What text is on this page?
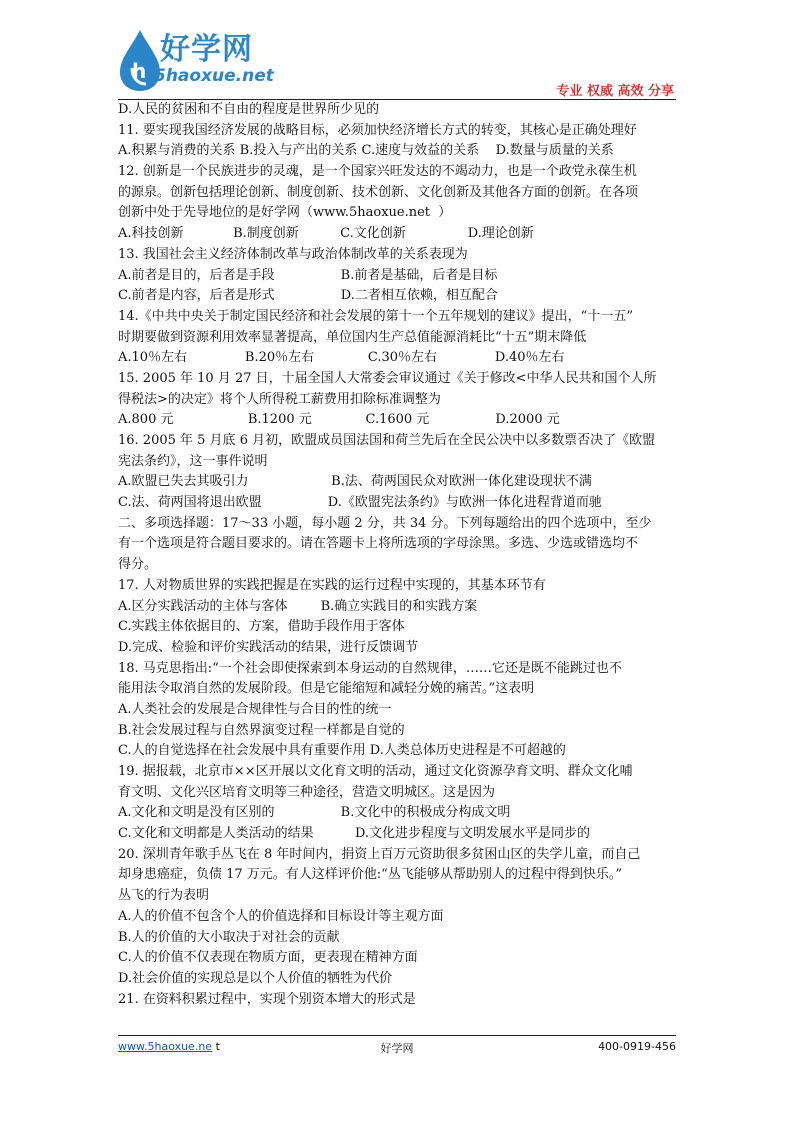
h
好学网
5haoxue.net
专业 权威 高效 分享
D.人民的贫困和不自由的程度是世界所少见的
11. 要实现我国经济发展的战略目标，必须加快经济增长方式的转变，其核心是正确处理好
A.积累与消费的关系 B.投入与产出的关系 C.速度与效益的关系    D.数量与质量的关系
12. 创新是一个民族进步的灵魂，是一个国家兴旺发达的不竭动力，也是一个政党永葆生机
的源泉。创新包括理论创新、制度创新、技术创新、文化创新及其他各方面的创新。在各项
创新中处于先导地位的是好学网（www.5haoxue.net  ）
A.科技创新            B.制度创新          C.文化创新               D.理论创新
13. 我国社会主义经济体制改革与政治体制改革的关系表现为
A.前者是目的，后者是手段                B.前者是基础，后者是目标
C.前者是内容，后者是形式                D.二者相互依赖，相互配合
14.《中共中央关于制定国民经济和社会发展的第十一个五年规划的建议》提出，“十一五”
时期要做到资源利用效率显著提高，单位国内生产总值能源消耗比“十五”期末降低
A.10％左右              B.20％左右             C.30％左右              D.40％左右
15. 2005 年 10 月 27 日，十届全国人大常委会审议通过《关于修改<中华人民共和国个人所
得税法>的决定》将个人所得税工薪费用扣除标准调整为
A.800 元                  B.1200 元             C.1600 元                D.2000 元
16. 2005 年 5 月底 6 月初，欧盟成员国法国和荷兰先后在全民公决中以多数票否决了《欧盟
宪法条约》，这一事件说明
A.欧盟已失去其吸引力                    B.法、荷两国民众对欧洲一体化建设现状不满
C.法、荷两国将退出欧盟                D.《欧盟宪法条约》与欧洲一体化进程背道而驰
二、多项选择题：17～33 小题，每小题 2 分，共 34 分。下列每题给出的四个选项中，至少
有一个选项是符合题目要求的。请在答题卡上将所选项的字母涂黑。多选、少选或错选均不
得分。
17. 人对物质世界的实践把握是在实践的运行过程中实现的，其基本环节有
A.区分实践活动的主体与客体        B.确立实践目的和实践方案
C.实践主体依据目的、方案，借助手段作用于客体
D.完成、检验和评价实践活动的结果，进行反馈调节
18. 马克思指出:“一个社会即使探索到本身运动的自然规律，……它还是既不能跳过也不
能用法令取消自然的发展阶段。但是它能缩短和减轻分娩的痛苦。”这表明
A.人类社会的发展是合规律性与合目的性的统一
B.社会发展过程与自然界演变过程一样都是自觉的
C.人的自觉选择在社会发展中具有重要作用 D.人类总体历史进程是不可超越的
19. 据报载，北京市××区开展以文化育文明的活动，通过文化资源孕育文明、群众文化哺
育文明、文化兴区培育文明等三种途径，营造文明城区。这是因为
A.文化和文明是没有区别的                B.文化中的积极成分构成文明
C.文化和文明都是人类活动的结果          D.文化进步程度与文明发展水平是同步的
20. 深圳青年歌手丛飞在 8 年时间内，捐资上百万元资助很多贫困山区的失学儿童，而自己
却身患癌症，负债 17 万元。有人这样评价他:“丛飞能够从帮助别人的过程中得到快乐。”
丛飞的行为表明
A.人的价值不包含个人的价值选择和目标设计等主观方面
B.人的价值的大小取决于对社会的贡献
C.人的价值不仅表现在物质方面，更表现在精神方面
D.社会价值的实现总是以个人价值的牺牲为代价
21. 在资料积累过程中，实现个别资本增大的形式是
www.5haoxue.ne t	好学网	400-0919-456
